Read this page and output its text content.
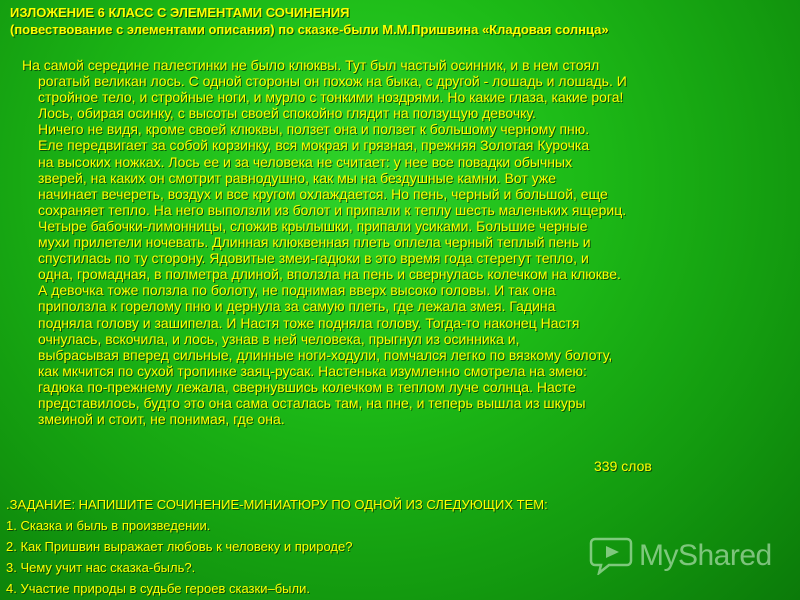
ИЗЛОЖЕНИЕ 6 КЛАСС С ЭЛЕМЕНТАМИ СОЧИНЕНИЯ
(повествование с элементами описания) по сказке-были М.М.Пришвина «Кладовая солнца»
На самой середине палестинки не было клюквы. Тут был частый осинник, и в нем стоял
рогатый великан лось. С одной стороны он похож на быка, с другой - лошадь и лошадь. И
стройное тело, и стройные ноги, и мурло с тонкими ноздрями. Но какие глаза, какие рога!
Лось, обирая осинку, с высоты своей спокойно глядит на ползущую девочку.
Ничего не видя, кроме своей клюквы, ползет она и ползет к большому черному пню.
Еле передвигает за собой корзинку, вся мокрая и грязная, прежняя Золотая Курочка
на высоких ножках. Лось ее и за человека не считает: у нее все повадки обычных
зверей, на каких он смотрит равнодушно, как мы на бездушные камни. Вот уже
начинает вечереть, воздух и все кругом охлаждается. Но пень, черный и большой, еще
сохраняет тепло. На него выползли из болот и припали к теплу шесть маленьких ящериц.
Четыре бабочки-лимонницы, сложив крылышки, припали усиками. Большие черные
мухи прилетели ночевать. Длинная клюквенная плеть оплела черный теплый пень и
спустилась по ту сторону. Ядовитые змеи-гадюки в это время года стерегут тепло, и
одна, громадная, в полметра длиной, вползла на пень и свернулась колечком на клюкве.
А девочка тоже ползла по болоту, не поднимая вверх высоко головы. И так она
приползла к горелому пню и дернула за самую плеть, где лежала змея. Гадина
подняла голову и зашипела. И Настя тоже подняла голову. Тогда-то наконец Настя
очнулась, вскочила, и лось, узнав в ней человека, прыгнул из осинника и,
выбрасывая вперед сильные, длинные ноги-ходули, помчался легко по вязкому болоту,
как мкчится по сухой тропинке заяц-русак. Настенька изумленно смотрела на змею:
гадюка по-прежнему лежала, свернувшись колечком в теплом луче солнца. Насте
представилось, будто это она сама осталась там, на пне, и теперь вышла из шкуры
змеиной и стоит, не понимая, где она.
339 слов
.ЗАДАНИЕ: НАПИШИТЕ СОЧИНЕНИЕ-МИНИАТЮРУ ПО ОДНОЙ ИЗ СЛЕДУЮЩИХ ТЕМ:
1. Сказка и быль в произведении.
2. Как Пришвин выражает любовь к человеку и природе?
3. Чему учит нас сказка-быль?.
4. Участие природы в судьбе героев сказки–были.
MyShared
